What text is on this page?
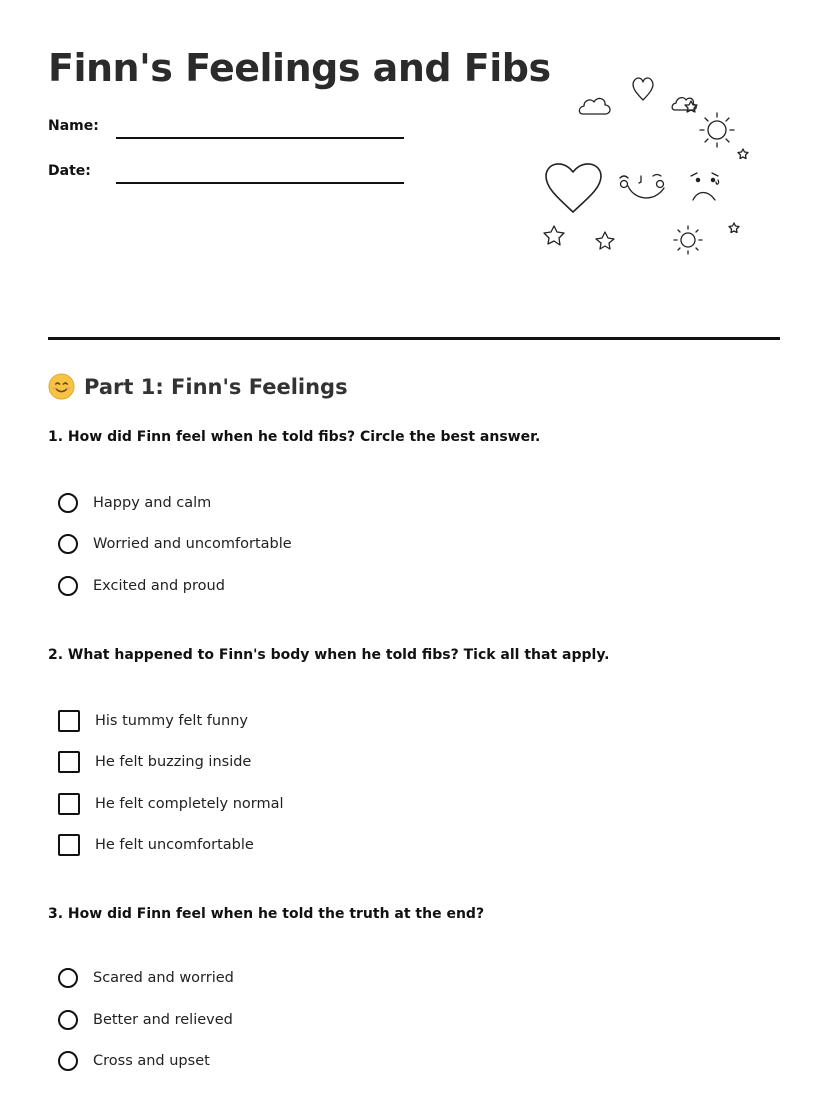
Finn's Feelings and Fibs
Name:
Date:
Part 1: Finn's Feelings
1. How did Finn feel when he told fibs? Circle the best answer.
Happy and calm
Worried and uncomfortable
Excited and proud
2. What happened to Finn's body when he told fibs? Tick all that apply.
His tummy felt funny
He felt buzzing inside
He felt completely normal
He felt uncomfortable
3. How did Finn feel when he told the truth at the end?
Scared and worried
Better and relieved
Cross and upset
